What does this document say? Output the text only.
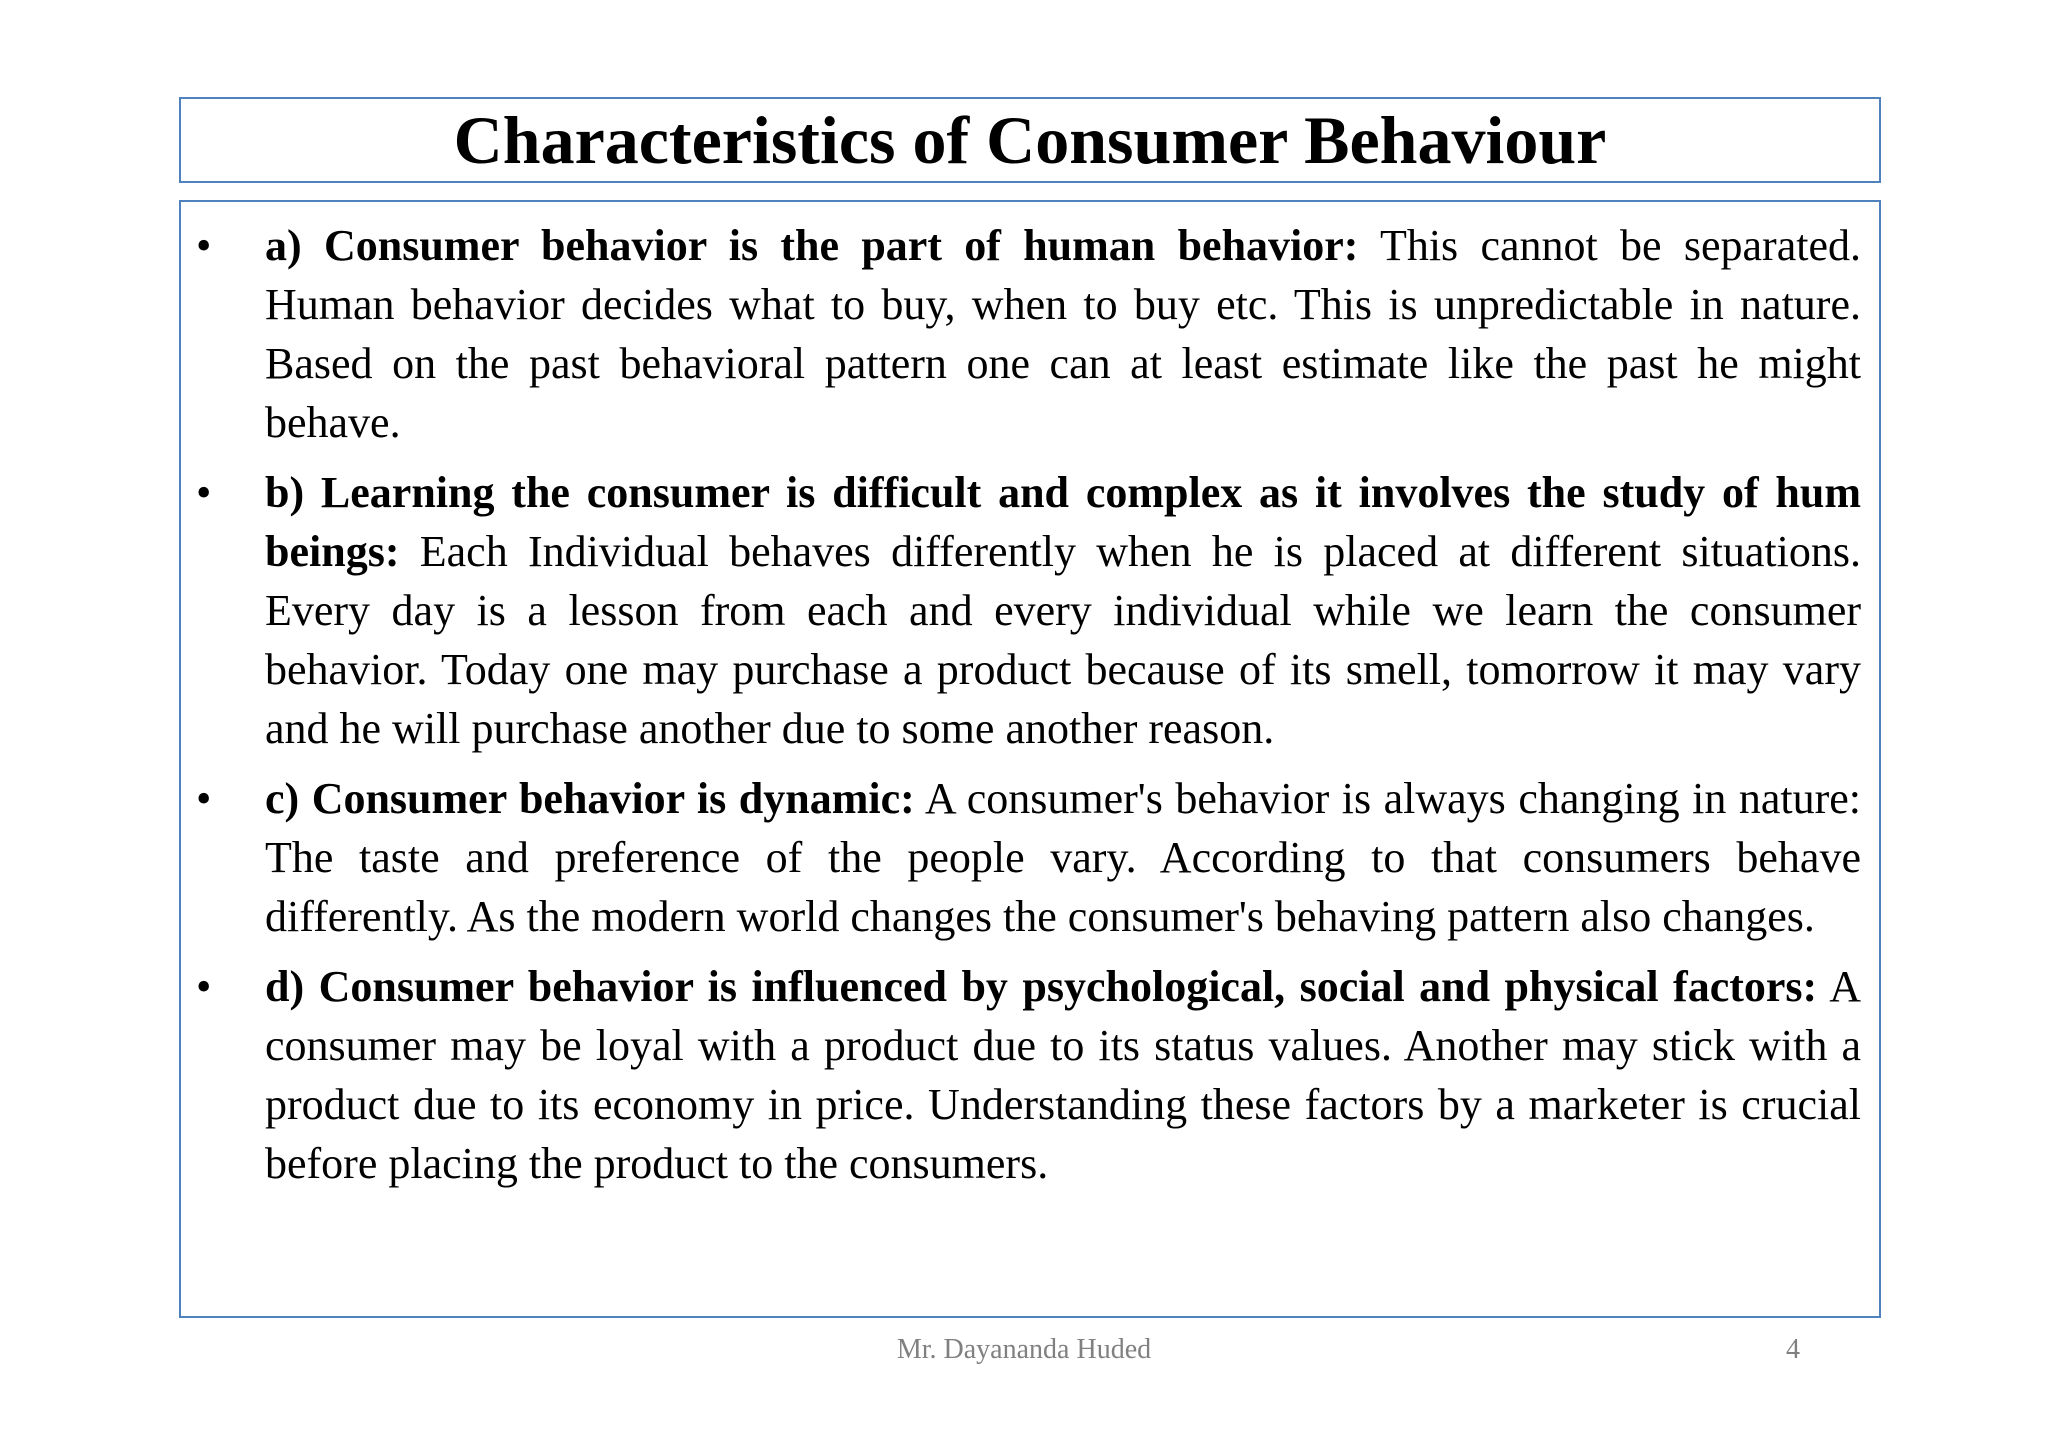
Characteristics of Consumer Behaviour
• a) Consumer behavior is the part of human behavior: This cannot be separated. Human behavior decides what to buy, when to buy etc. This is unpredictable in nature. Based on the past behavioral pattern one can at least estimate like the past he might behave.
• b) Learning the consumer is difficult and complex as it involves the study of hum beings: Each Individual behaves differently when he is placed at different situations. Every day is a lesson from each and every individual while we learn the consumer behavior. Today one may purchase a product because of its smell, tomorrow it may vary and he will purchase another due to some another reason.
• c) Consumer behavior is dynamic: A consumer's behavior is always changing in nature: The taste and preference of the people vary. According to that consumers behave differently. As the modern world changes the consumer's behaving pattern also changes.
• d) Consumer behavior is influenced by psychological, social and physical factors: A consumer may be loyal with a product due to its status values. Another may stick with a product due to its economy in price. Understanding these factors by a marketer is crucial before placing the product to the consumers.
Mr. Dayananda Huded	4
